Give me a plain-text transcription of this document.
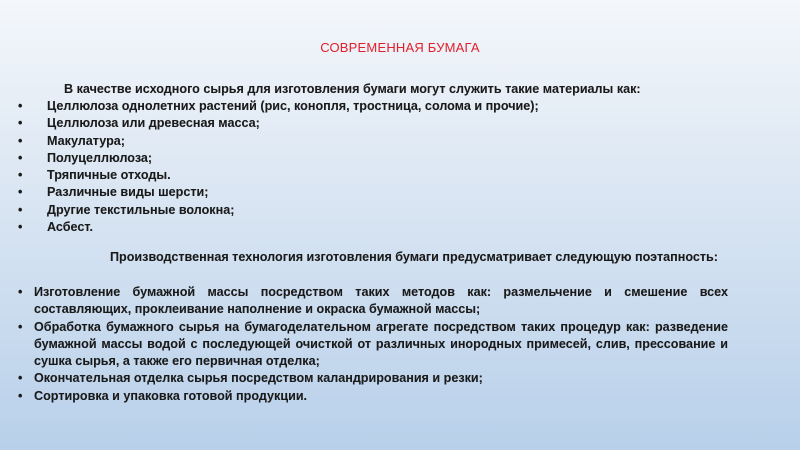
СОВРЕМЕННАЯ БУМАГА
В качестве исходного сырья для изготовления бумаги могут служить такие материалы как:
• Целлюлоза однолетних растений (рис, конопля, тростница, солома и прочие);
• Целлюлоза или древесная масса;
• Макулатура;
• Полуцеллюлоза;
• Тряпичные отходы.
• Различные виды шерсти;
• Другие текстильные волокна;
• Асбест.
Производственная технология изготовления бумаги предусматривает следующую поэтапность:
• Изготовление бумажной массы посредством таких методов как: размельчение и смешение всех составляющих, проклеивание наполнение и окраска бумажной массы;
• Обработка бумажного сырья на бумагоделательном агрегате посредством таких процедур как: разведение бумажной массы водой с последующей очисткой от различных инородных примесей, слив, прессование и сушка сырья, а также его первичная отделка;
• Окончательная отделка сырья посредством каландрирования и резки;
• Сортировка и упаковка готовой продукции.
